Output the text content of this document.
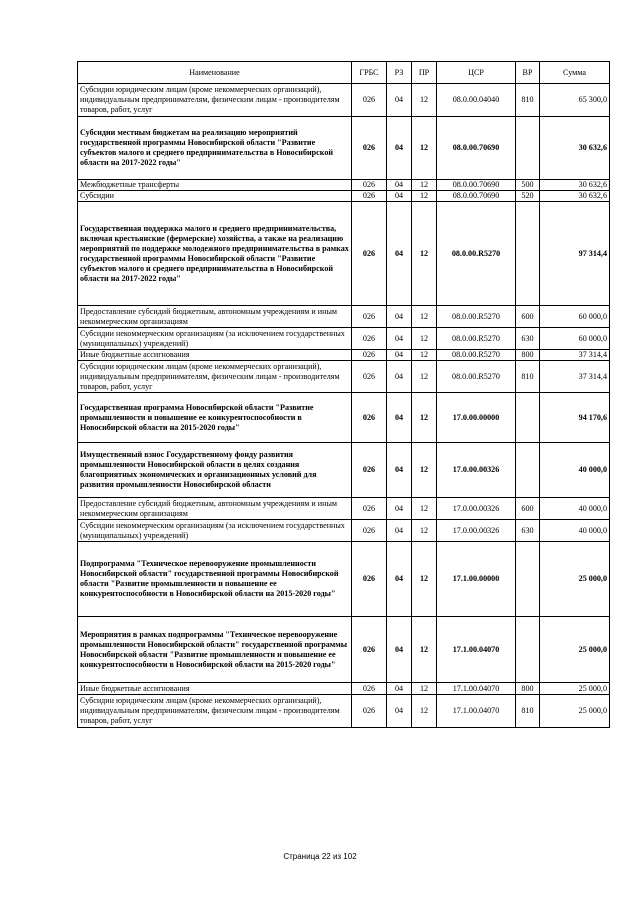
Наименование	ГРБС	РЗ	ПР	ЦСР	ВР	Сумма
Субсидии юридическим лицам (кроме некоммерческих организаций), индивидуальным предпринимателям, физическим лицам - производителям товаров, работ, услуг	026	04	12	08.0.00.04040	810	65 300,0
Субсидии местным бюджетам на реализацию мероприятий государственной программы Новосибирской области "Развитие субъектов малого и среднего предпринимательства в Новосибирской области на 2017-2022 годы"	026	04	12	08.0.00.70690		30 632,6
Межбюджетные трансферты	026	04	12	08.0.00.70690	500	30 632,6
Субсидии	026	04	12	08.0.00.70690	520	30 632,6
Государственная поддержка малого и среднего предпринимательства, включая крестьянские (фермерские) хозяйства, а также на реализацию мероприятий по поддержке молодежного предпринимательства в рамках государственной программы Новосибирской области "Развитие субъектов малого и среднего предпринимательства в Новосибирской области на 2017-2022 годы"	026	04	12	08.0.00.R5270		97 314,4
Предоставление субсидий бюджетным, автономным учреждениям и иным некоммерческим организациям	026	04	12	08.0.00.R5270	600	60 000,0
Субсидии некоммерческим организациям (за исключением государственных (муниципальных) учреждений)	026	04	12	08.0.00.R5270	630	60 000,0
Иные бюджетные ассигнования	026	04	12	08.0.00.R5270	800	37 314,4
Субсидии юридическим лицам (кроме некоммерческих организаций), индивидуальным предпринимателям, физическим лицам - производителям товаров, работ, услуг	026	04	12	08.0.00.R5270	810	37 314,4
Государственная программа Новосибирской области "Развитие промышленности и повышение ее конкурентоспособности в Новосибирской области на 2015-2020 годы"	026	04	12	17.0.00.00000		94 170,6
Имущественный взнос Государственному фонду развития промышленности Новосибирской области в целях создания благоприятных экономических и организационных условий для развития промышленности Новосибирской области	026	04	12	17.0.00.00326		40 000,0
Предоставление субсидий бюджетным, автономным учреждениям и иным некоммерческим организациям	026	04	12	17.0.00.00326	600	40 000,0
Субсидии некоммерческим организациям (за исключением государственных (муниципальных) учреждений)	026	04	12	17.0.00.00326	630	40 000,0
Подпрограмма "Техническое перевооружение промышленности Новосибирской области" государственной программы Новосибирской области "Развитие промышленности и повышение ее конкурентоспособности в Новосибирской области на 2015-2020 годы"	026	04	12	17.1.00.00000		25 000,0
Мероприятия в рамках подпрограммы "Техническое перевооружение промышленности Новосибирской области" государственной программы Новосибирской области "Развитие промышленности и повышение ее конкурентоспособности в Новосибирской области на 2015-2020 годы"	026	04	12	17.1.00.04070		25 000,0
Иные бюджетные ассигнования	026	04	12	17.1.00.04070	800	25 000,0
Субсидии юридическим лицам (кроме некоммерческих организаций), индивидуальным предпринимателям, физическим лицам - производителям товаров, работ, услуг	026	04	12	17.1.00.04070	810	25 000,0
Страница 22 из 102
